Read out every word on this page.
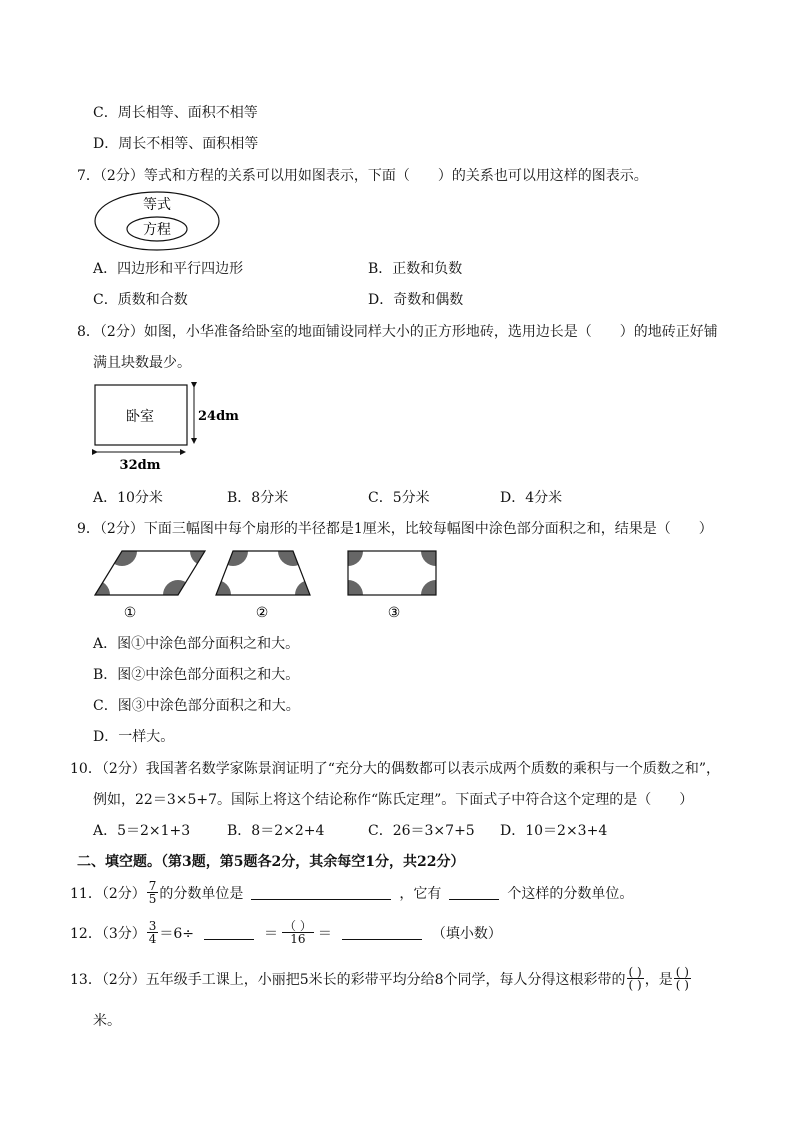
C．周长相等、面积不相等
D．周长不相等、面积相等
7．（2分）等式和方程的关系可以用如图表示，下面（　　）的关系也可以用这样的图表示。
等式
方程
A．四边形和平行四边形	B．正数和负数
C．质数和合数	D．奇数和偶数
8．（2分）如图，小华准备给卧室的地面铺设同样大小的正方形地砖，选用边长是（　　）的地砖正好铺
满且块数最少。
卧室	24dm
32dm
A．10分米	B．8分米	C．5分米	D．4分米
9．（2分）下面三幅图中每个扇形的半径都是1厘米，比较每幅图中涂色部分面积之和，结果是（　　）
①	②	③
A．图①中涂色部分面积之和大。
B．图②中涂色部分面积之和大。
C．图③中涂色部分面积之和大。
D．一样大。
10．（2分）我国著名数学家陈景润证明了“充分大的偶数都可以表示成两个质数的乘积与一个质数之和”，
例如，22＝3×5+7。国际上将这个结论称作“陈氏定理”。下面式子中符合这个定理的是（　　）
A．5＝2×1+3	B．8＝2×2+4	C．26＝3×7+5 D．10＝2×3+4
二、填空题。（第3题，第5题各2分，其余每空1分，共22分）
11．（2分） $\frac{7}{5}$ 的分数单位是	，它有	个这样的分数单位。
12．（3分） $\frac{3}{4} =6\div$	＝ $\frac{( )}{16}$ ＝	（填小数）
13．（2分）五年级手工课上，小丽把5米长的彩带平均分给8个同学，每人分得这根彩带的 $\frac{( )}{( )}$ ，是 $\frac{( )}{( )}$
米。
